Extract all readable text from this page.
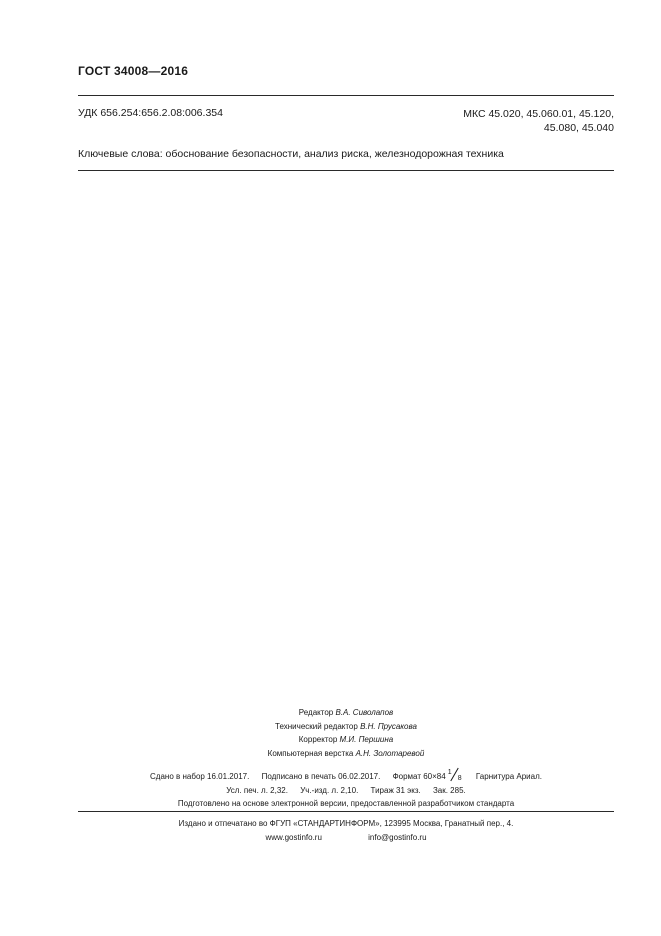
ГОСТ 34008—2016
УДК 656.254:656.2.08:006.354	МКС 45.020, 45.060.01, 45.120,
45.080, 45.040
Ключевые слова: обоснование безопасности, анализ риска, железнодорожная техника
Редактор В.А. Сиволапов
Технический редактор В.Н. Прусакова
Корректор М.И. Першина
Компьютерная верстка А.Н. Золотаревой
Сдано в набор 16.01.2017. Подписано в печать 06.02.2017. Формат 60×84 1
8 Гарнитура Ариал.
Усл. печ. л. 2,32. Уч.-изд. л. 2,10. Тираж 31 экз. Зак. 285.
Подготовлено на основе электронной версии, предоставленной разработчиком стандарта
Издано и отпечатано во ФГУП «СТАНДАРТИНФОРМ», 123995 Москва, Гранатный пер., 4.
www.gostinfo.ru	info@gostinfo.ru
